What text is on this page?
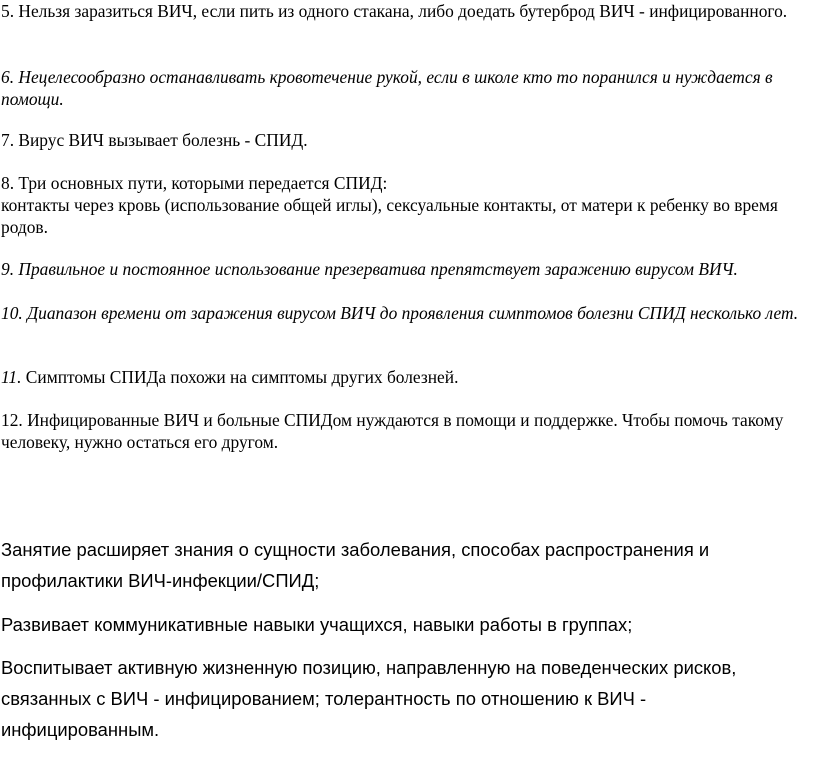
5. Нельзя заразиться ВИЧ, если пить из одного стакана, либо доедать бутерброд ВИЧ - инфицированного.

6. Нецелесообразно останавливать кровотечение рукой, если в школе кто то поранился и нуждается в помощи.

7. Вирус ВИЧ вызывает болезнь - СПИД.

8. Три основных пути, которыми передается СПИД:
контакты через кровь (использование общей иглы), сексуальные контакты, от матери к ребенку во время родов.

9. Правильное и постоянное использование презерватива препятствует заражению вирусом ВИЧ.

10. Диапазон времени от заражения вирусом ВИЧ до проявления симптомов болезни СПИД несколько лет.

11. Симптомы СПИДа похожи на симптомы других болезней.

12. Инфицированные ВИЧ и больные СПИДом нуждаются в помощи и поддержке. Чтобы помочь такому человеку, нужно остаться его другом.

Занятие расширяет знания о сущности заболевания, способах распространения и профилактики ВИЧ-инфекции/СПИД;

Развивает коммуникативные навыки учащихся, навыки работы в группах;

Воспитывает активную жизненную позицию, направленную на поведенческих рисков, связанных с ВИЧ - инфицированием; толерантность по отношению к ВИЧ - инфицированным.
